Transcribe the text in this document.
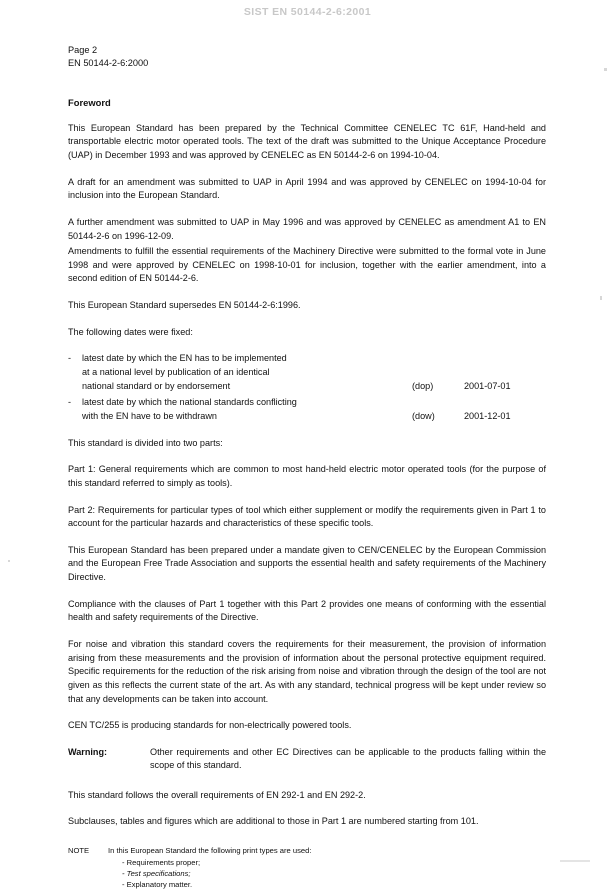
SIST EN 50144-2-6:2001
Page 2
EN 50144-2-6:2000
Foreword

This European Standard has been prepared by the Technical Committee CENELEC TC 61F, Hand-held and transportable electric motor operated tools. The text of the draft was submitted to the Unique Acceptance Procedure (UAP) in December 1993 and was approved by CENELEC as EN 50144-2-6 on 1994-10-04.

A draft for an amendment was submitted to UAP in April 1994 and was approved by CENELEC on 1994-10-04 for inclusion into the European Standard.

A further amendment was submitted to UAP in May 1996 and was approved by CENELEC as amendment A1 to EN 50144-2-6 on 1996-12-09.

Amendments to fulfill the essential requirements of the Machinery Directive were submitted to the formal vote in June 1998 and were approved by CENELEC on 1998-10-01 for inclusion, together with the earlier amendment, into a second edition of EN 50144-2-6.

This European Standard supersedes EN 50144-2-6:1996.

The following dates were fixed:

- latest date by which the EN has to be implemented
at a national level by publication of an identical
national standard or by endorsement	(dop)	2001-07-01
- latest date by which the national standards conflicting
with the EN have to be withdrawn	(dow)	2001-12-01

This standard is divided into two parts:

Part 1: General requirements which are common to most hand-held electric motor operated tools (for the purpose of this standard referred to simply as tools).

Part 2: Requirements for particular types of tool which either supplement or modify the requirements given in Part 1 to account for the particular hazards and characteristics of these specific tools.

This European Standard has been prepared under a mandate given to CEN/CENELEC by the European Commission and the European Free Trade Association and supports the essential health and safety requirements of the Machinery Directive.

Compliance with the clauses of Part 1 together with this Part 2 provides one means of conforming with the essential health and safety requirements of the Directive.

For noise and vibration this standard covers the requirements for their measurement, the provision of information arising from these measurements and the provision of information about the personal protective equipment required. Specific requirements for the reduction of the risk arising from noise and vibration through the design of the tool are not given as this reflects the current state of the art. As with any standard, technical progress will be kept under review so that any developments can be taken into account.

CEN TC/255 is producing standards for non-electrically powered tools.

Warning:	Other requirements and other EC Directives can be applicable to the products falling within the scope of this standard.

This standard follows the overall requirements of EN 292-1 and EN 292-2.

Subclauses, tables and figures which are additional to those in Part 1 are numbered starting from 101.

NOTE In this European Standard the following print types are used:
- Requirements proper;
- Test specifications;
- Explanatory matter.
